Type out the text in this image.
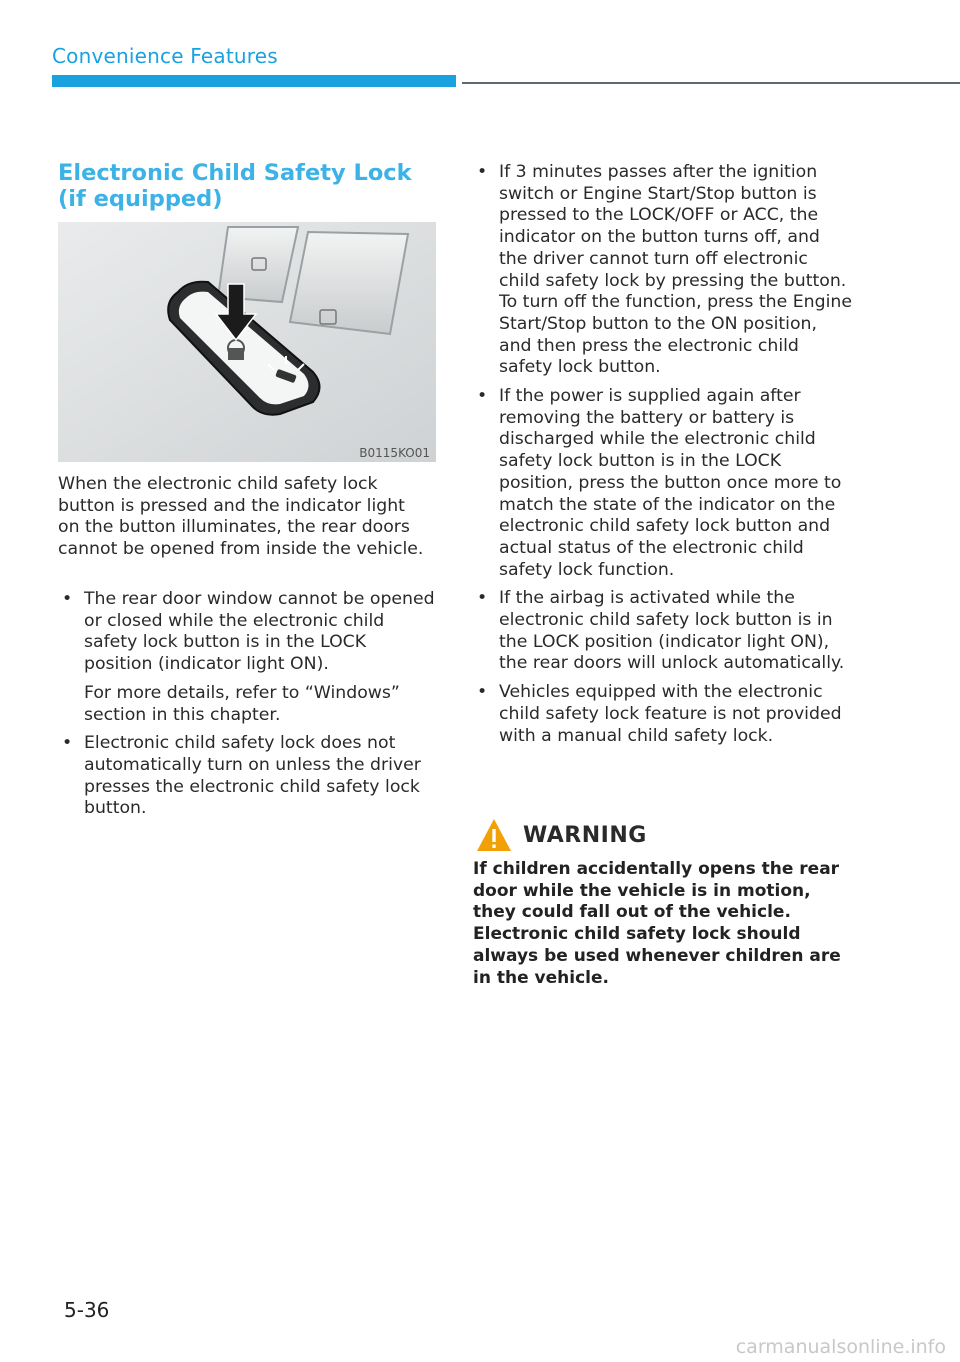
Convenience Features
Electronic Child Safety Lock (if equipped)
B0115KO01

When the electronic child safety lock button is pressed and the indicator light on the button illuminates, the rear doors cannot be opened from inside the vehicle.

• The rear door window cannot be opened or closed while the electronic child safety lock button is in the LOCK position (indicator light ON).

For more details, refer to “Windows” section in this chapter.

• Electronic child safety lock does not automatically turn on unless the driver presses the electronic child safety lock button.

• If 3 minutes passes after the ignition switch or Engine Start/Stop button is pressed to the LOCK/OFF or ACC, the indicator on the button turns off, and the driver cannot turn off electronic child safety lock by pressing the button. To turn off the function, press the Engine Start/Stop button to the ON position, and then press the electronic child safety lock button.

• If the power is supplied again after removing the battery or battery is discharged while the electronic child safety lock button is in the LOCK position, press the button once more to match the state of the indicator on the electronic child safety lock button and actual status of the electronic child safety lock function.

• If the airbag is activated while the electronic child safety lock button is in the LOCK position (indicator light ON), the rear doors will unlock automatically.

• Vehicles equipped with the electronic child safety lock feature is not provided with a manual child safety lock.

WARNING

If children accidentally opens the rear door while the vehicle is in motion, they could fall out of the vehicle. Electronic child safety lock should always be used whenever children are in the vehicle.

5-36
carmanualsonline.info
